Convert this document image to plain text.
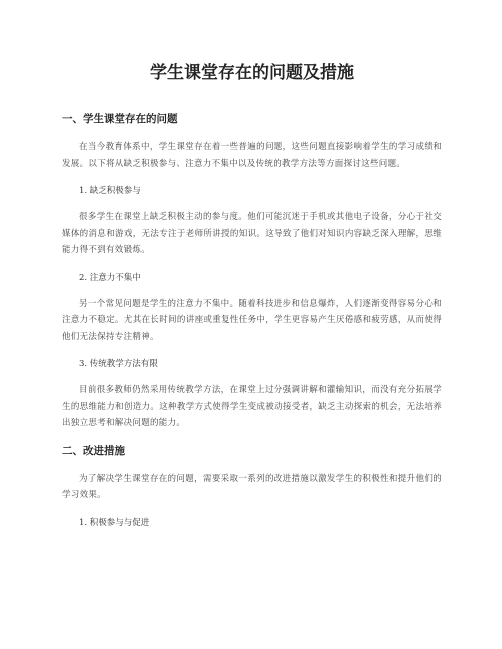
学生课堂存在的问题及措施
一、学生课堂存在的问题

在当今教育体系中，学生课堂存在着一些普遍的问题，这些问题直接影响着学生的学习成绩和发展。以下将从缺乏积极参与、注意力不集中以及传统的教学方法等方面探讨这些问题。

1. 缺乏积极参与

很多学生在课堂上缺乏积极主动的参与度。他们可能沉迷于手机或其他电子设备，分心于社交媒体的消息和游戏，无法专注于老师所讲授的知识。这导致了他们对知识内容缺乏深入理解，思维能力得不到有效锻炼。

2. 注意力不集中

另一个常见问题是学生的注意力不集中。随着科技进步和信息爆炸，人们逐渐变得容易分心和注意力不稳定。尤其在长时间的讲座或重复性任务中，学生更容易产生厌倦感和疲劳感，从而使得他们无法保持专注精神。

3. 传统教学方法有限

目前很多教师仍然采用传统教学方法，在课堂上过分强调讲解和灌输知识，而没有充分拓展学生的思维能力和创造力。这种教学方式使得学生变成被动接受者，缺乏主动探索的机会，无法培养出独立思考和解决问题的能力。

二、改进措施

为了解决学生课堂存在的问题，需要采取一系列的改进措施以激发学生的积极性和提升他们的学习效果。

1. 积极参与与促进
